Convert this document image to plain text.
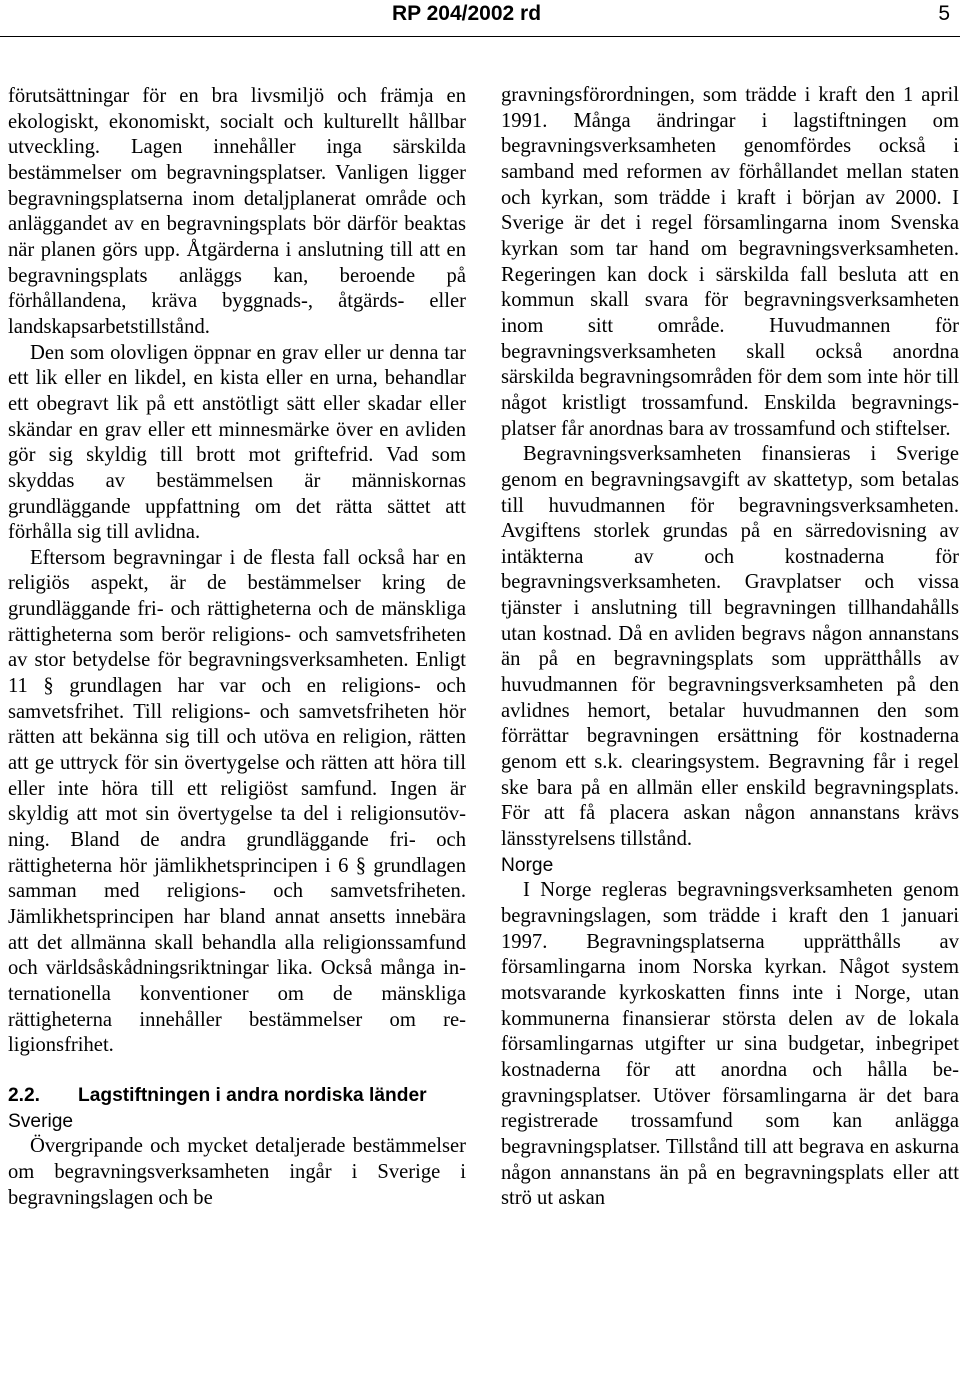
RP 204/2002 rd	5

förutsättningar för en bra livsmiljö och främja en ekologiskt, ekonomiskt, socialt och kulturellt hållbar utveckling. Lagen innehåller inga särskilda bestämmelser om begravningsplatser. Vanligen ligger begravningsplatserna inom detaljplanerat område och anläggandet av en begravningsplats bör därför beaktas när planen görs upp. Åtgärderna i anslutning till att en begravningsplats anläggs kan, beroende på förhållandena, kräva byggnads-, åtgärds- eller landskapsarbetstillstånd.

Den som olovligen öppnar en grav eller ur denna tar ett lik eller en likdel, en kista eller en urna, behandlar ett obegravt lik på ett anstötligt sätt eller skadar eller skändar en grav eller ett minnesmärke över en avliden gör sig skyldig till brott mot griftefrid. Vad som skyddas av bestämmelsen är människornas grundläggande uppfattning om det rätta sättet att förhålla sig till avlidna.

Eftersom begravningar i de flesta fall också har en religiös aspekt, är de bestämmelser kring de grundläggande fri- och rättigheterna och de mänskliga rättigheterna som berör religions- och samvetsfriheten av stor betydelse för begravningsverksamheten. Enligt 11 § grundlagen har var och en religions- och samvetsfrihet. Till religions- och samvetsfriheten hör rätten att bekänna sig till och utöva en religion, rätten att ge uttryck för sin övertygelse och rätten att höra till eller inte höra till ett religiöst samfund. Ingen är skyldig att mot sin övertygelse ta del i religionsutövning. Bland de andra grundläggande fri- och rättigheterna hör jämlikhetsprincipen i 6 § grundlagen samman med religions- och samvetsfriheten. Jämlikhetsprincipen har bland annat ansetts innebära att det allmänna skall behandla alla religionssamfund och världsåskådningsriktningar lika. Också många internationella konventioner om de mänskliga rättigheterna innehåller bestämmelser om religionsfrihet.

2.2. Lagstiftningen i andra nordiska länder

Sverige

Övergripande och mycket detaljerade bestämmelser om begravningsverksamheten ingår i Sverige i begravningslagen och be

gravningsförordningen, som trädde i kraft den 1 april 1991. Många ändringar i lagstiftningen om begravningsverksamheten genomfördes också i samband med reformen av förhållandet mellan staten och kyrkan, som trädde i kraft i början av 2000. I Sverige är det i regel församlingarna inom Svenska kyrkan som tar hand om begravningsverksamheten. Regeringen kan dock i särskilda fall besluta att en kommun skall svara för begravningsverksamheten inom sitt område. Huvudmannen för begravningsverksamheten skall också anordna särskilda begravningsområden för dem som inte hör till något kristligt trossamfund. Enskilda begravningsplatser får anordnas bara av trossamfund och stiftelser.

Begravningsverksamheten finansieras i Sverige genom en begravningsavgift av skattetyp, som betalas till huvudmannen för begravningsverksamheten. Avgiftens storlek grundas på en särredovisning av intäkterna av och kostnaderna för begravningsverksamheten. Gravplatser och vissa tjänster i anslutning till begravningen tillhandahålls utan kostnad. Då en avliden begravs någon annanstans än på en begravningsplats som upprätthålls av huvudmannen för begravningsverksamheten på den avlidnes hemort, betalar huvudmannen den som förrättar begravningen ersättning för kostnaderna genom ett s.k. clearingsystem. Begravning får i regel ske bara på en allmän eller enskild begravningsplats. För att få placera askan någon annanstans krävs länsstyrelsens tillstånd.

Norge

I Norge regleras begravningsverksamheten genom begravningslagen, som trädde i kraft den 1 januari 1997. Begravningsplatserna upprätthålls av församlingarna inom Norska kyrkan. Något system motsvarande kyrkoskatten finns inte i Norge, utan kommunerna finansierar största delen av de lokala församlingarnas utgifter ur sina budgetar, inbegripet kostnaderna för att anordna och hålla begravningsplatser. Utöver församlingarna är det bara registrerade trossamfund som kan anlägga begravningsplatser. Tillstånd till att begrava en askurna någon annanstans än på en begravningsplats eller att strö ut askan
